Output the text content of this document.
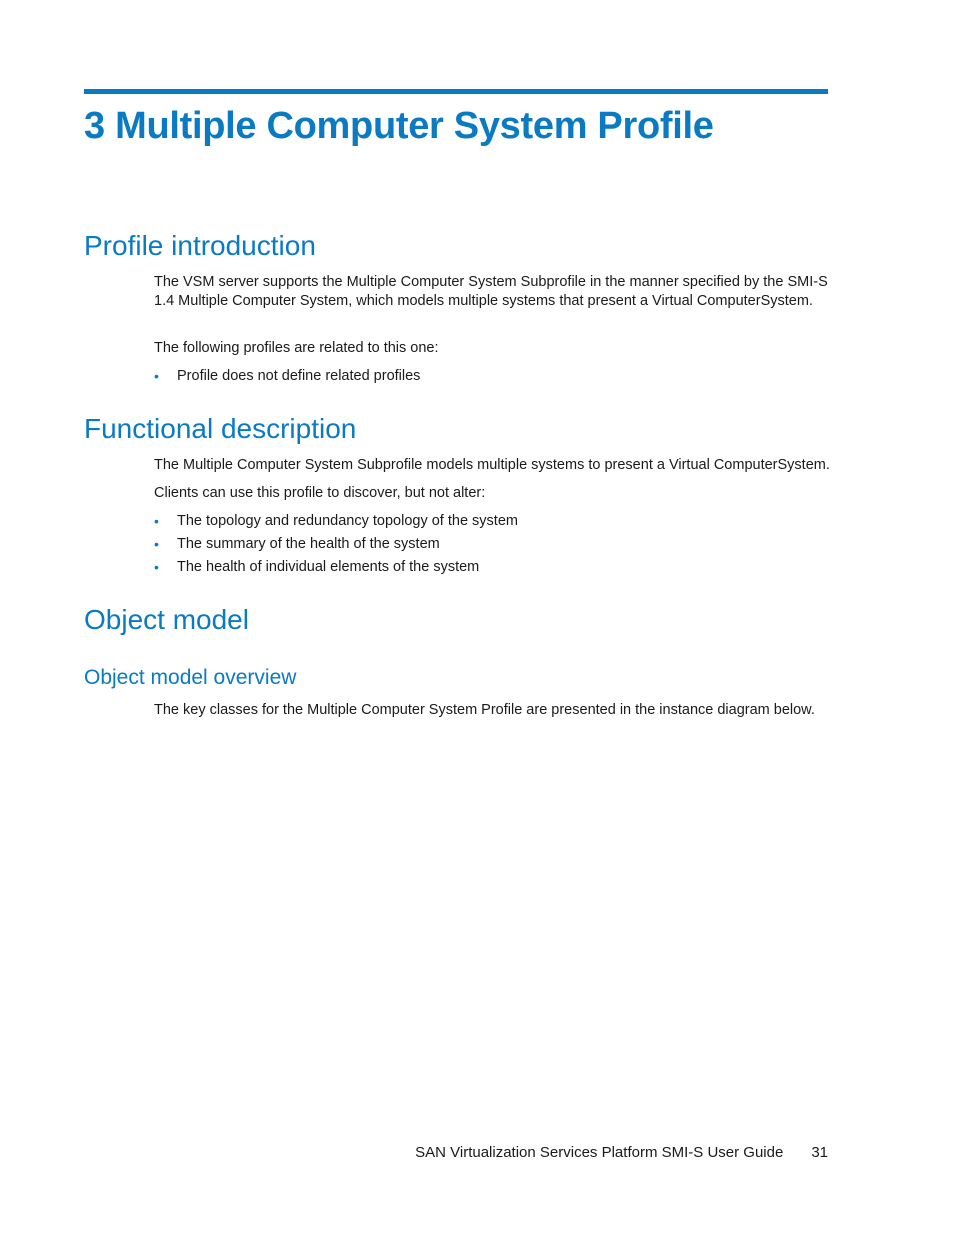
3 Multiple Computer System Profile
Profile introduction

The VSM server supports the Multiple Computer System Subprofile in the manner specified by the SMI-S 1.4 Multiple Computer System, which models multiple systems that present a Virtual ComputerSystem.

The following profiles are related to this one:

• Profile does not define related profiles
Functional description

The Multiple Computer System Subprofile models multiple systems to present a Virtual ComputerSystem.

Clients can use this profile to discover, but not alter:

• The topology and redundancy topology of the system
• The summary of the health of the system
• The health of individual elements of the system
Object model
Object model overview

The key classes for the Multiple Computer System Profile are presented in the instance diagram below.

SAN Virtualization Services Platform SMI-S User Guide 31
